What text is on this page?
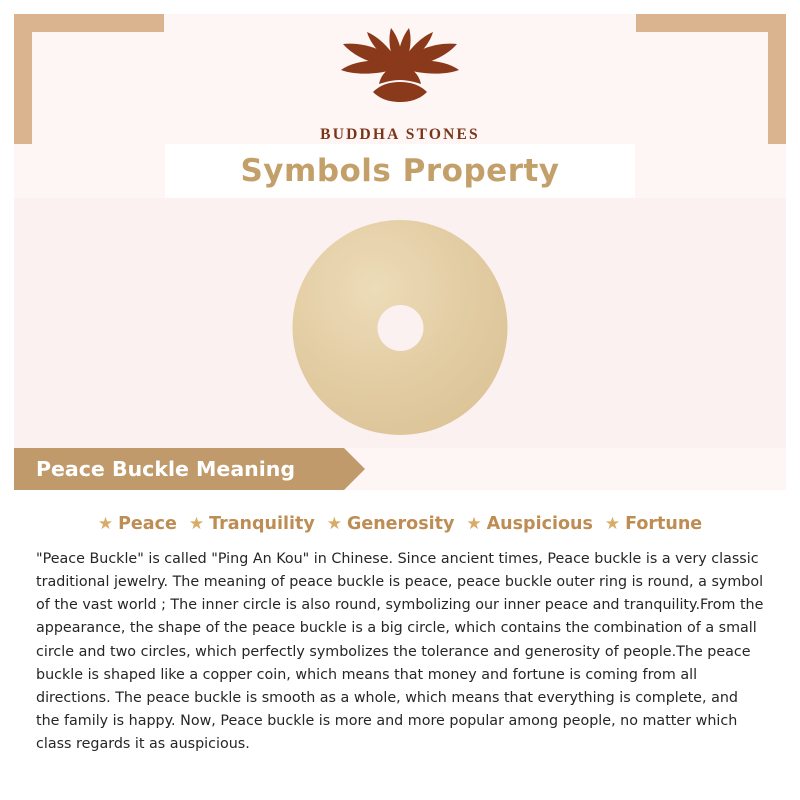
BUDDHA STONES
Symbols Property
Peace Buckle Meaning
★ Peace ★ Tranquility ★ Generosity ★ Auspicious ★ Fortune

"Peace Buckle" is called "Ping An Kou" in Chinese. Since ancient times, Peace buckle is a very classic traditional jewelry. The meaning of peace buckle is peace, peace buckle outer ring is round, a symbol of the vast world ; The inner circle is also round, symbolizing our inner peace and tranquility.From the appearance, the shape of the peace buckle is a big circle, which contains the combination of a small circle and two circles, which perfectly symbolizes the tolerance and generosity of people.The peace buckle is shaped like a copper coin, which means that money and fortune is coming from all directions. The peace buckle is smooth as a whole, which means that everything is complete, and the family is happy. Now, Peace buckle is more and more popular among people, no matter which class regards it as auspicious.
